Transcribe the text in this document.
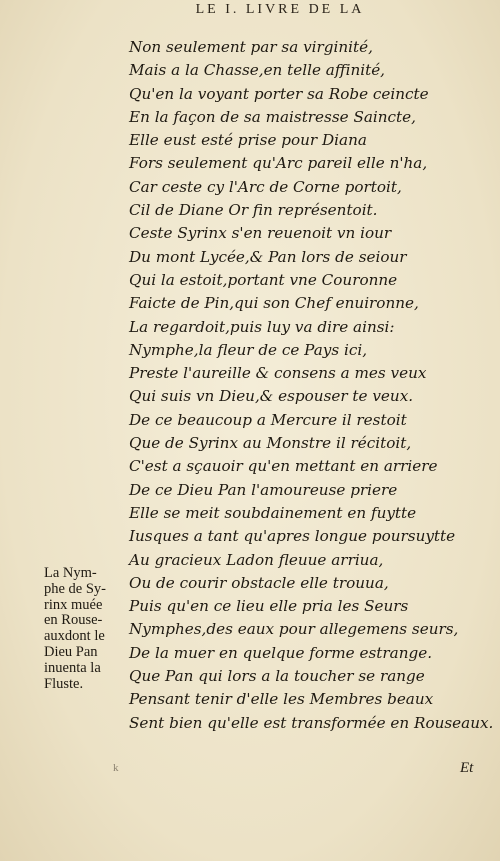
LE I. LIVRE DE LA
Non seulement par sa virginité,
Mais a la Chasse,en telle affinité,
Qu'en la voyant porter sa Robe ceincte
En la façon de sa maistresse Saincte,
Elle eust esté prise pour Diana
Fors seulement qu'Arc pareil elle n'ha,
Car ceste cy l'Arc de Corne portoit,
Cil de Diane Or fin représentoit.
Ceste Syrinx s'en reuenoit vn iour
Du mont Lycée,& Pan lors de seiour
Qui la estoit,portant vne Couronne
Faicte de Pin,qui son Chef enuironne,
La regardoit,puis luy va dire ainsi:
Nymphe,la fleur de ce Pays ici,
Preste l'aureille & consens a mes veux
Qui suis vn Dieu,& espouser te veux.
De ce beaucoup a Mercure il restoit
Que de Syrinx au Monstre il récitoit,
C'est a sçauoir qu'en mettant en arriere
De ce Dieu Pan l'amoureuse priere
Elle se meit soubdainement en fuytte
Iusques a tant qu'apres longue poursuytte
Au gracieux Ladon fleuue arriua,
Ou de courir obstacle elle trouua,
Puis qu'en ce lieu elle pria les Seurs
Nymphes,des eaux pour allegemens seurs,
De la muer en quelque forme estrange.
Que Pan qui lors a la toucher se range
Pensant tenir d'elle les Membres beaux
Sent bien qu'elle est transformée en Rouseaux.
La Nym-
phe de Sy-
rinx muée
en Rouse-
auxdont le
Dieu Pan
inuenta la
Fluste.
k	Et
